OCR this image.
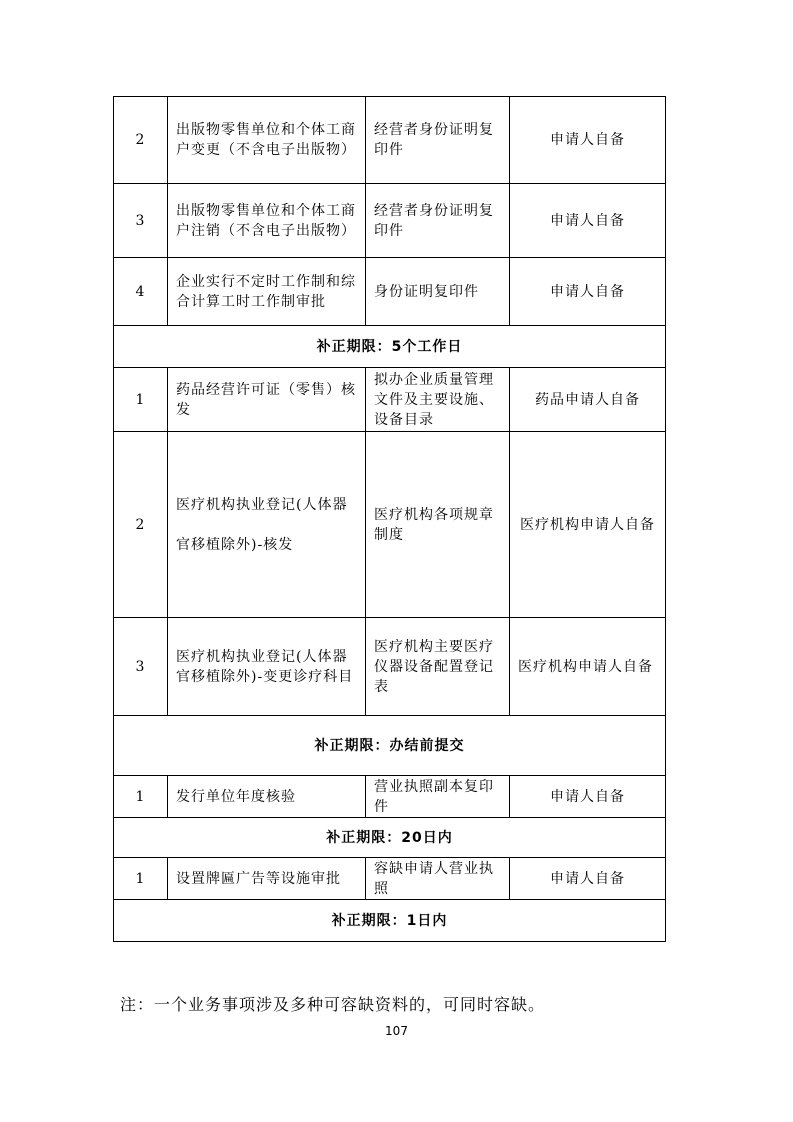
2	出版物零售单位和个体工商户变更（不含电子出版物）	经营者身份证明复印件	申请人自备
3	出版物零售单位和个体工商户注销（不含电子出版物）	经营者身份证明复印件	申请人自备
4	企业实行不定时工作制和综合计算工时工作制审批	身份证明复印件	申请人自备
补正期限：5个工作日			
1	药品经营许可证（零售）核发	拟办企业质量管理文件及主要设施、设备目录	药品申请人自备
2	医疗机构执业登记(人体器官移植除外)-核发	医疗机构各项规章制度	医疗机构申请人自备
3	医疗机构执业登记(人体器官移植除外)-变更诊疗科目	医疗机构主要医疗仪器设备配置登记表	医疗机构申请人自备
补正期限：办结前提交			
1	发行单位年度核验	营业执照副本复印件	申请人自备
补正期限：20日内			
1	设置牌匾广告等设施审批	容缺申请人营业执照	申请人自备
补正期限：1日内			
注：一个业务事项涉及多种可容缺资料的，可同时容缺。
107
